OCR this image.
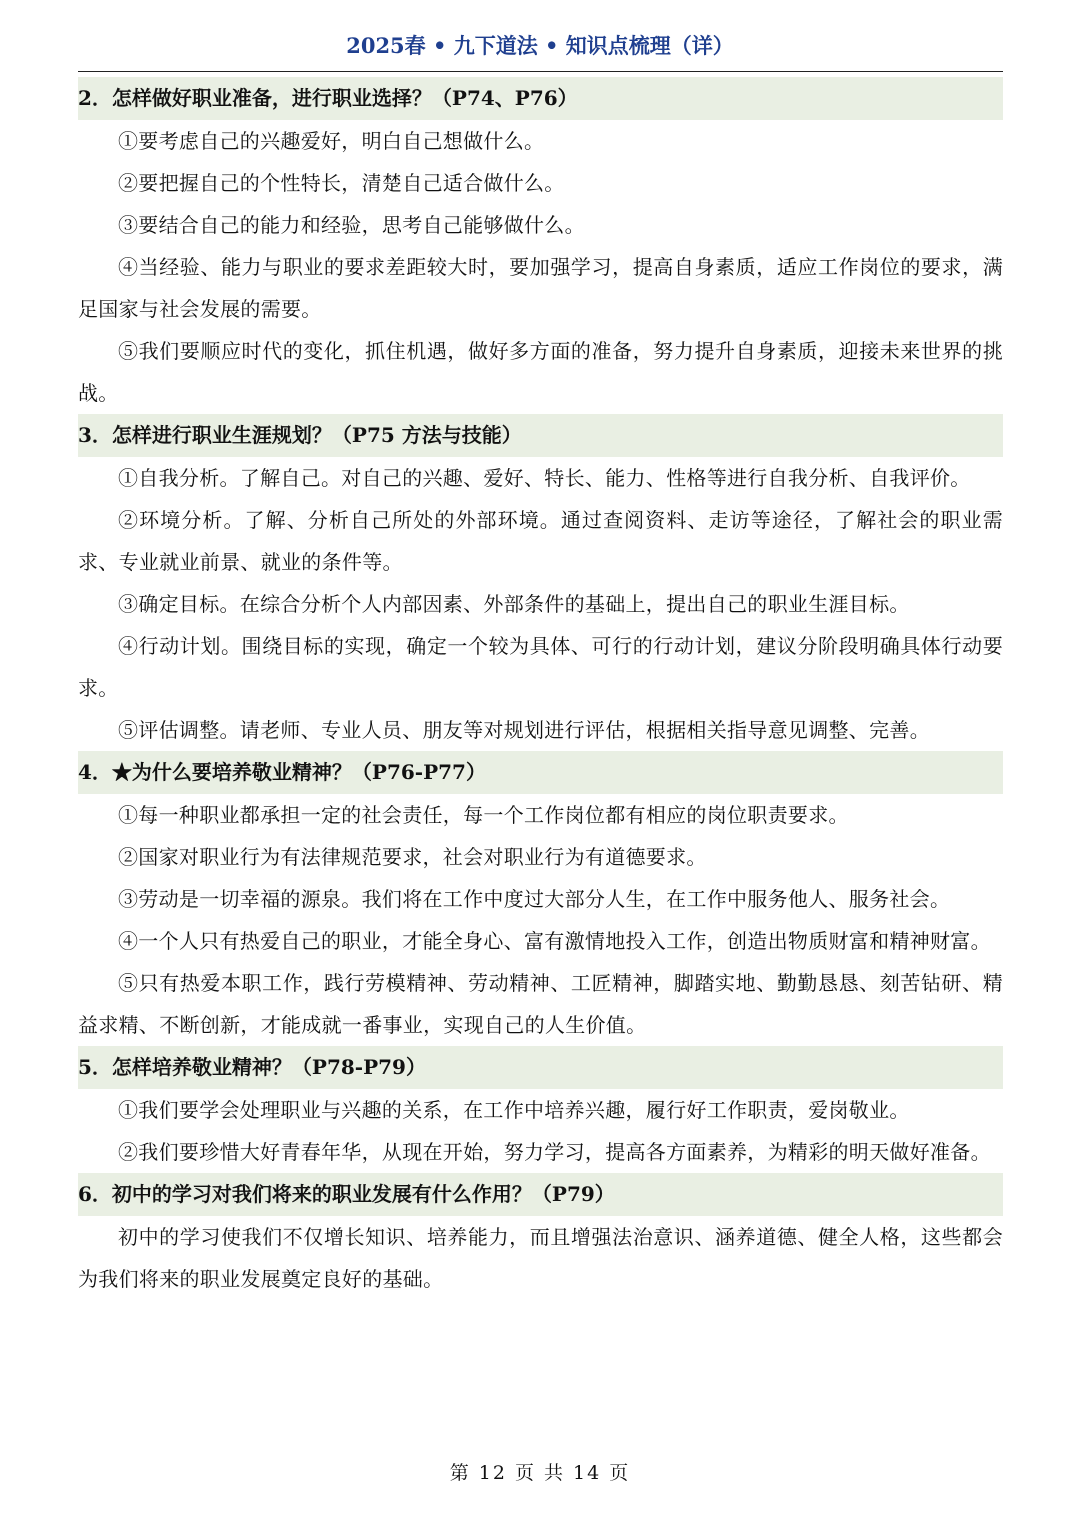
2025春 • 九下道法 • 知识点梳理（详）
2．怎样做好职业准备，进行职业选择？（P74、P76）
①要考虑自己的兴趣爱好，明白自己想做什么。
②要把握自己的个性特长，清楚自己适合做什么。
③要结合自己的能力和经验，思考自己能够做什么。
④当经验、能力与职业的要求差距较大时，要加强学习，提高自身素质，适应工作岗位的要求，满足国家与社会发展的需要。
⑤我们要顺应时代的变化，抓住机遇，做好多方面的准备，努力提升自身素质，迎接未来世界的挑战。
3．怎样进行职业生涯规划？（P75 方法与技能）
①自我分析。了解自己。对自己的兴趣、爱好、特长、能力、性格等进行自我分析、自我评价。
②环境分析。了解、分析自己所处的外部环境。通过查阅资料、走访等途径，了解社会的职业需求、专业就业前景、就业的条件等。
③确定目标。在综合分析个人内部因素、外部条件的基础上，提出自己的职业生涯目标。
④行动计划。围绕目标的实现，确定一个较为具体、可行的行动计划，建议分阶段明确具体行动要求。
⑤评估调整。请老师、专业人员、朋友等对规划进行评估，根据相关指导意见调整、完善。
4．★为什么要培养敬业精神？（P76-P77）
①每一种职业都承担一定的社会责任，每一个工作岗位都有相应的岗位职责要求。
②国家对职业行为有法律规范要求，社会对职业行为有道德要求。
③劳动是一切幸福的源泉。我们将在工作中度过大部分人生，在工作中服务他人、服务社会。
④一个人只有热爱自己的职业，才能全身心、富有激情地投入工作，创造出物质财富和精神财富。
⑤只有热爱本职工作，践行劳模精神、劳动精神、工匠精神，脚踏实地、勤勤恳恳、刻苦钻研、精益求精、不断创新，才能成就一番事业，实现自己的人生价值。
5．怎样培养敬业精神？（P78-P79）
①我们要学会处理职业与兴趣的关系，在工作中培养兴趣，履行好工作职责，爱岗敬业。
②我们要珍惜大好青春年华，从现在开始，努力学习，提高各方面素养，为精彩的明天做好准备。
6．初中的学习对我们将来的职业发展有什么作用？（P79）
初中的学习使我们不仅增长知识、培养能力，而且增强法治意识、涵养道德、健全人格，这些都会为我们将来的职业发展奠定良好的基础。
第 12 页 共 14 页
